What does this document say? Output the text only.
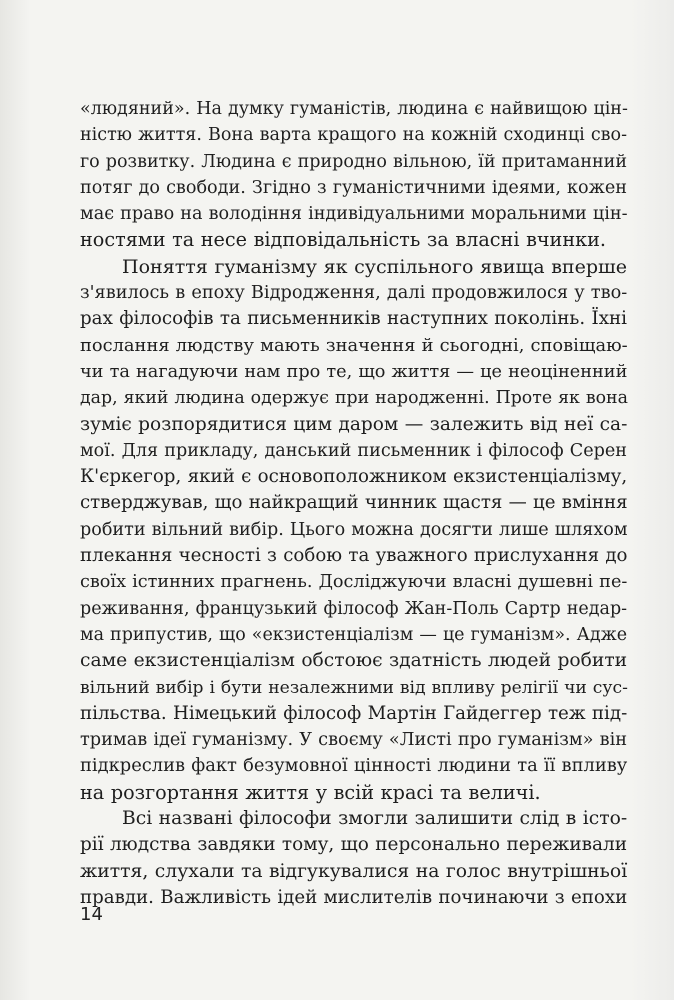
«людяний». На думку гуманістів, людина є найвищою цін-
ністю життя. Вона варта кращого на кожній сходинці сво-
го розвитку. Людина є природно вільною, їй притаманний
потяг до свободи. Згідно з гуманістичними ідеями, кожен
має право на володіння індивідуальними моральними цін-
ностями та несе відповідальність за власні вчинки.
Поняття гуманізму як суспільного явища вперше
з'явилось в епоху Відродження, далі продовжилося у тво-
рах філософів та письменників наступних поколінь. Їхні
послання людству мають значення й сьогодні, сповіщаю-
чи та нагадуючи нам про те, що життя — це неоціненний
дар, який людина одержує при народженні. Проте як вона
зуміє розпорядитися цим даром — залежить від неї са-
мої. Для прикладу, данський письменник і філософ Серен
К'єркегор, який є основоположником екзистенціалізму,
стверджував, що найкращий чинник щастя — це вміння
робити вільний вибір. Цього можна досягти лише шляхом
плекання чесності з собою та уважного прислухання до
своїх істинних прагнень. Досліджуючи власні душевні пе-
реживання, французький філософ Жан-Поль Сартр недар-
ма припустив, що «екзистенціалізм — це гуманізм». Адже
саме екзистенціалізм обстоює здатність людей робити
вільний вибір і бути незалежними від впливу релігії чи сус-
пільства. Німецький філософ Мартін Гайдеггер теж під-
тримав ідеї гуманізму. У своєму «Листі про гуманізм» він
підкреслив факт безумовної цінності людини та її впливу
на розгортання життя у всій красі та величі.
Всі названі філософи змогли залишити слід в істо-
рії людства завдяки тому, що персонально переживали
життя, слухали та відгукувалися на голос внутрішньої
правди. Важливість ідей мислителів починаючи з епохи
14
